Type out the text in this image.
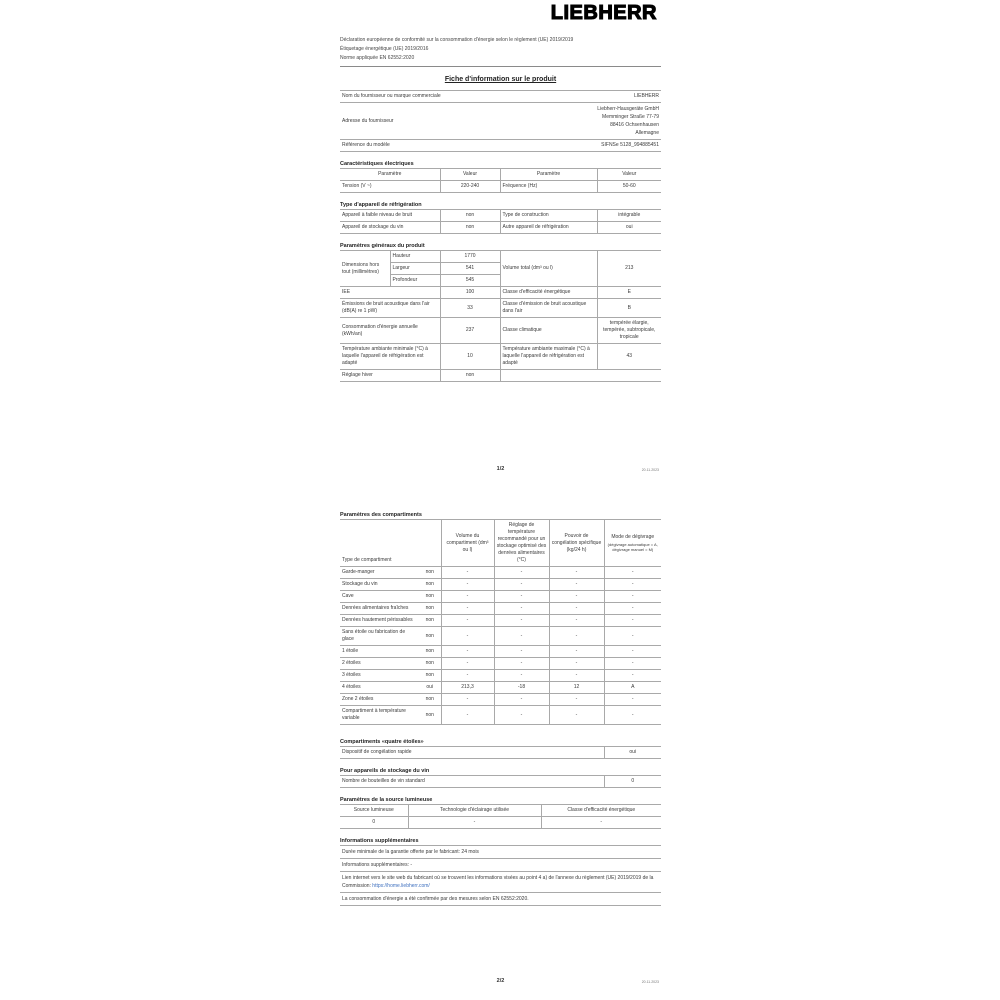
LIEBHERR
Déclaration européenne de conformité sur la consommation d'énergie selon le règlement (UE) 2019/2019
Étiquetage énergétique (UE) 2019/2016
Norme appliquée EN 62552:2020
Fiche d'information sur le produit
Nom du fournisseur ou marque commerciale	LIEBHERR
Adresse du fournisseur	Liebherr-Hausgeräte GmbH
Memminger Straße 77-79
88416 Ochsenhausen
Allemagne

Référence du modèle	SIFNSe 5128_994885451
Caractéristiques électriques
Paramètre	Valeur	Paramètre	Valeur
Tension (V ~)	220-240	Fréquence (Hz)	50-60
Type d'appareil de réfrigération
Appareil à faible niveau de bruit	non	Type de construction	intégrable
Appareil de stockage du vin	non	Autre appareil de réfrigération	oui
Paramètres généraux du produit
Dimensions hors tout (millimètres)	Hauteur	1770	Volume total (dm³ ou l)	213
	Largeur	541		
	Profondeur	545		
IEE		100	Classe d'efficacité énergétique	E
Émissions de bruit acoustique dans l'air (dB(A) re 1 pW)		33	Classe d'émission de bruit acoustique dans l'air	B
Consommation d'énergie annuelle (kWh/an)		237	Classe climatique	tempérée élargie, tempérée, subtropicale, tropicale
Température ambiante minimale (°C) à laquelle l'appareil de réfrigération est adapté		10	Température ambiante maximale (°C) à laquelle l'appareil de réfrigération est adapté	43
Réglage hiver		non		
1/2	20.11.2023
Paramètres des compartiments
Type de compartiment		Volume du compartiment (dm³ ou l)	Réglage de température recommandé pour un stockage optimisé des denrées alimentaires (°C)	Pouvoir de congélation spécifique (kg/24 h)	Mode de dégivrage
(dégivrage automatique = A, dégivrage manuel = M)

Garde-manger	non	-	-	-	-
Stockage du vin	non	-	-	-	-
Cave	non	-	-	-	-
Denrées alimentaires fraîches	non	-	-	-	-
Denrées hautement périssables	non	-	-	-	-
Sans étoile ou fabrication de glace	non	-	-	-	-
1 étoile	non	-	-	-	-
2 étoiles	non	-	-	-	-
3 étoiles	non	-	-	-	-
4 étoiles	oui	213,3	-18	12	A
Zone 2 étoiles	non	-	-	-	-
Compartiment à température variable	non	-	-	-	-
Compartiments «quatre étoiles»
Dispositif de congélation rapide	oui
Pour appareils de stockage du vin
Nombre de bouteilles de vin standard	0
Paramètres de la source lumineuse
Source lumineuse	Technologie d'éclairage utilisée	Classe d'efficacité énergétique
0	-	-
Informations supplémentaires
Durée minimale de la garantie offerte par le fabricant: 24 mois
Informations supplémentaires: -
Lien internet vers le site web du fabricant où se trouvent les informations visées au point 4 a) de l'annexe du règlement (UE) 2019/2019 de la Commission: https://home.liebherr.com/
La consommation d'énergie a été confirmée par des mesures selon EN 62552:2020.
2/2	20.11.2023
